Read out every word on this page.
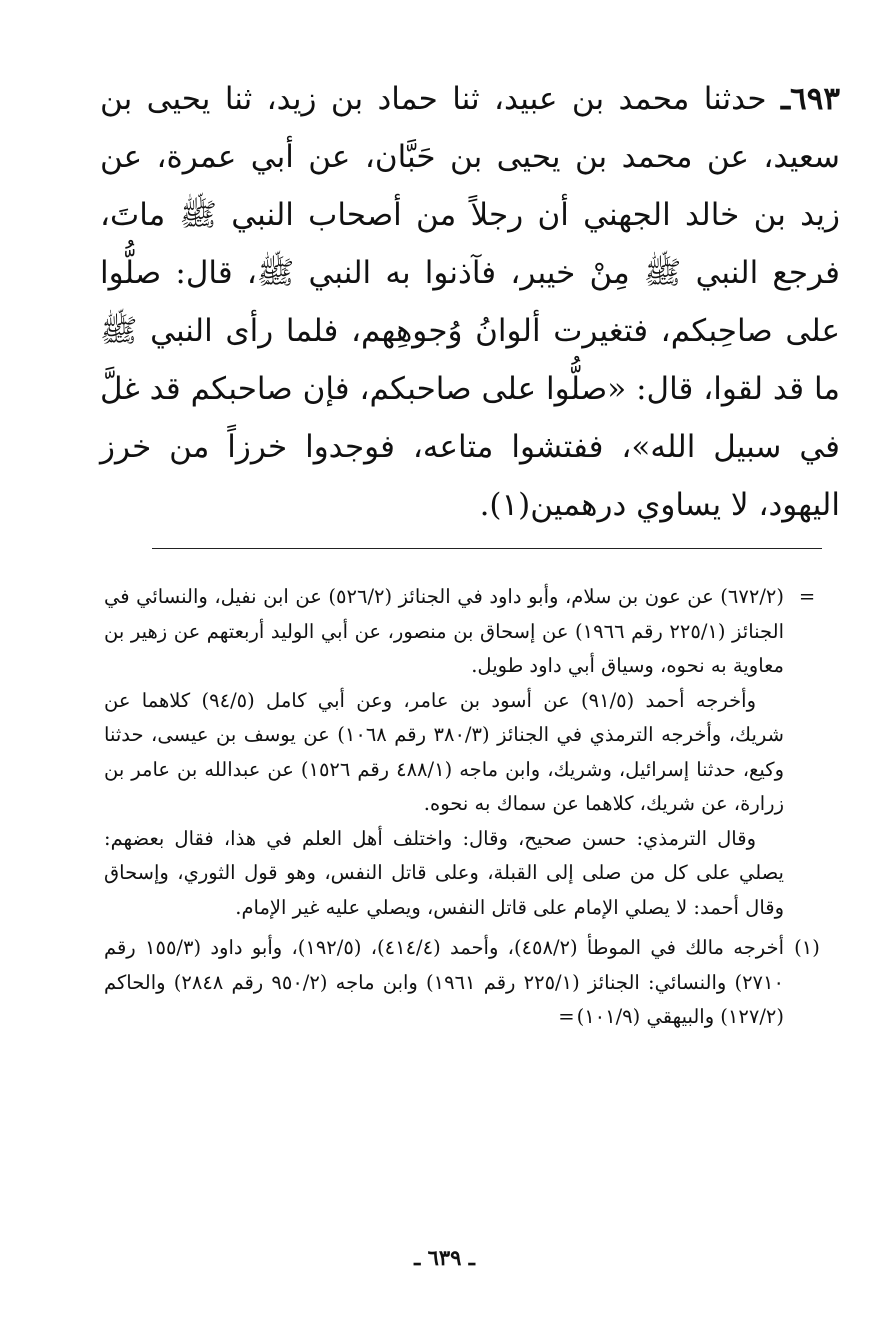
٦٩٣ـ حدثنا محمد بن عبيد، ثنا حماد بن زيد، ثنا يحيى بن سعيد، عن محمد بن يحيى بن حَبَّان، عن أبي عمرة، عن زيد بن خالد الجهني أن رجلاً من أصحاب النبي ﷺ ماتَ، فرجع النبي ﷺ مِنْ خيبر، فآذنوا به النبي ﷺ، قال: صلُّوا على صاحِبكم، فتغيرت ألوانُ وُجوهِهم، فلما رأى النبي ﷺ ما قد لقوا، قال: «صلُّوا على صاحبكم، فإن صاحبكم قد غلَّ في سبيل الله»، ففتشوا متاعه، فوجدوا خرزاً من خرز اليهود، لا يساوي درهمين(١).

=

(٦٧٢/٢) عن عون بن سلام، وأبو داود في الجنائز (٥٢٦/٢) عن ابن نفيل، والنسائي في الجنائز (٢٢٥/١ رقم ١٩٦٦) عن إسحاق بن منصور، عن أبي الوليد أربعتهم عن زهير بن معاوية به نحوه، وسياق أبي داود طويل.

وأخرجه أحمد (٩١/٥) عن أسود بن عامر، وعن أبي كامل (٩٤/٥) كلاهما عن شريك، وأخرجه الترمذي في الجنائز (٣٨٠/٣ رقم ١٠٦٨) عن يوسف بن عيسى، حدثنا وكيع، حدثنا إسرائيل، وشريك، وابن ماجه (٤٨٨/١ رقم ١٥٢٦) عن عبدالله بن عامر بن زرارة، عن شريك، كلاهما عن سماك به نحوه.

وقال الترمذي: حسن صحيح، وقال: واختلف أهل العلم في هذا، فقال بعضهم: يصلي على كل من صلى إلى القبلة، وعلى قاتل النفس، وهو قول الثوري، وإسحاق وقال أحمد: لا يصلي الإمام على قاتل النفس، ويصلي عليه غير الإمام.

(١)

أخرجه مالك في الموطأ (٤٥٨/٢)، وأحمد (٤١٤/٤)، (١٩٢/٥)، وأبو داود (١٥٥/٣ رقم ٢٧١٠) والنسائي: الجنائز (٢٢٥/١ رقم ١٩٦١) وابن ماجه (٩٥٠/٢ رقم ٢٨٤٨) والحاكم (١٢٧/٢) والبيهقي (١٠١/٩)=

ـ ٦٣٩ ـ
